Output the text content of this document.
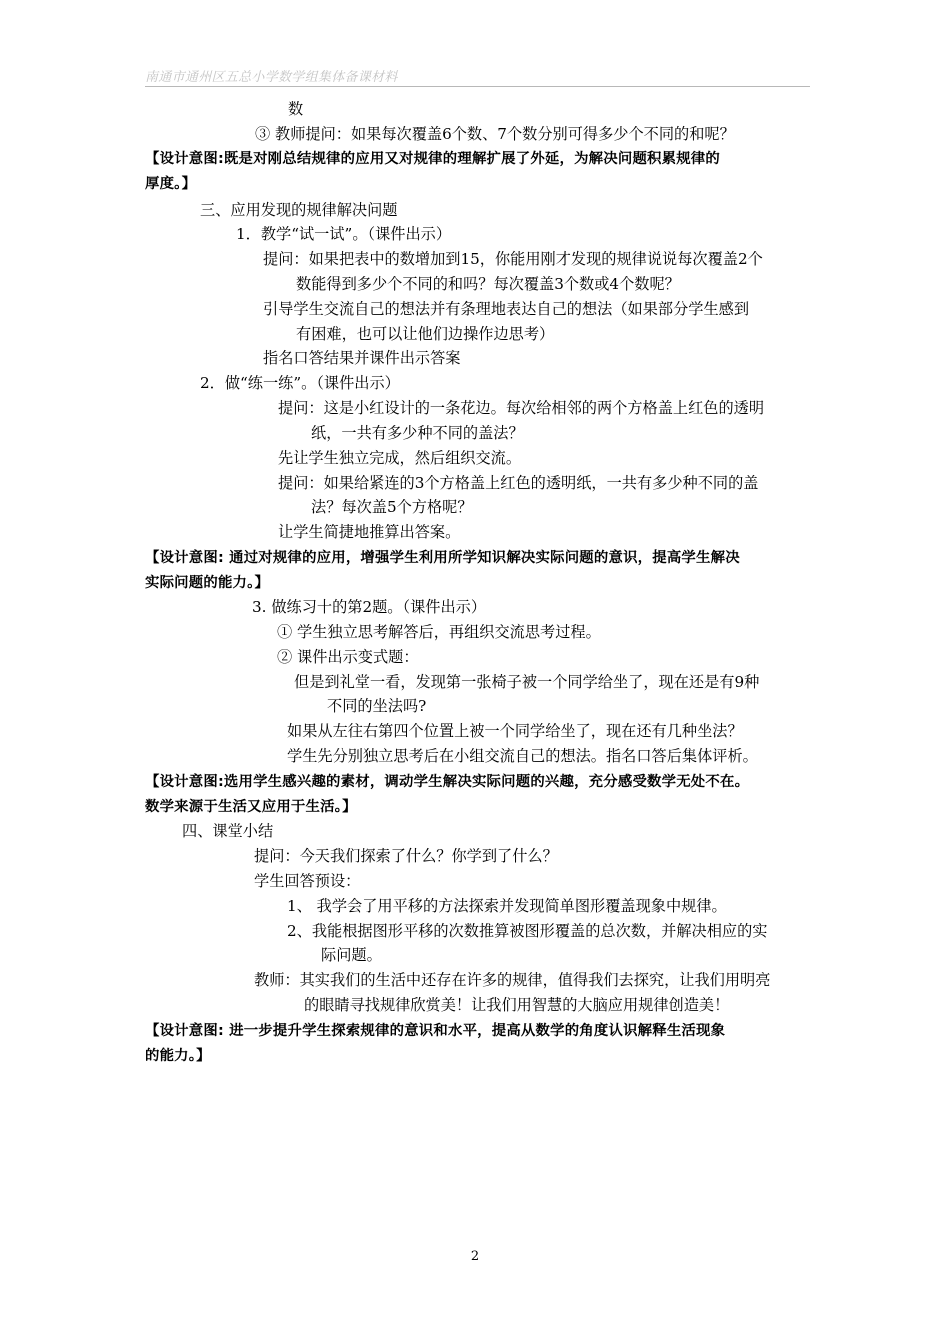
南通市通州区五总小学数学组集体备课材料
数
③ 教师提问：如果每次覆盖6个数、7个数分别可得多少个不同的和呢？
【设计意图:既是对刚总结规律的应用又对规律的理解扩展了外延，为解决问题积累规律的
厚度。】
三、应用发现的规律解决问题
1．教学“试一试”。（课件出示）
提问：如果把表中的数增加到15，你能用刚才发现的规律说说每次覆盖2个
数能得到多少个不同的和吗？每次覆盖3个数或4个数呢？
引导学生交流自己的想法并有条理地表达自己的想法（如果部分学生感到
有困难，也可以让他们边操作边思考）
指名口答结果并课件出示答案
2．做“练一练”。（课件出示）
提问：这是小红设计的一条花边。每次给相邻的两个方格盖上红色的透明
纸，一共有多少种不同的盖法？
先让学生独立完成，然后组织交流。
提问：如果给紧连的3个方格盖上红色的透明纸，一共有多少种不同的盖
法？每次盖5个方格呢？
让学生简捷地推算出答案。
【设计意图: 通过对规律的应用，增强学生利用所学知识解决实际问题的意识，提高学生解决
实际问题的能力。】
3. 做练习十的第2题。（课件出示）
① 学生独立思考解答后，再组织交流思考过程。
② 课件出示变式题：
但是到礼堂一看，发现第一张椅子被一个同学给坐了，现在还是有9种
不同的坐法吗?
如果从左往右第四个位置上被一个同学给坐了，现在还有几种坐法？
学生先分别独立思考后在小组交流自己的想法。指名口答后集体评析。
【设计意图:选用学生感兴趣的素材，调动学生解决实际问题的兴趣，充分感受数学无处不在。
数学来源于生活又应用于生活。】
四、课堂小结
提问：今天我们探索了什么？你学到了什么？
学生回答预设：
1、 我学会了用平移的方法探索并发现简单图形覆盖现象中规律。
2、我能根据图形平移的次数推算被图形覆盖的总次数，并解决相应的实
际问题。
教师：其实我们的生活中还存在许多的规律，值得我们去探究，让我们用明亮
的眼睛寻找规律欣赏美！让我们用智慧的大脑应用规律创造美！
【设计意图: 进一步提升学生探索规律的意识和水平，提高从数学的角度认识解释生活现象
的能力。】
2
